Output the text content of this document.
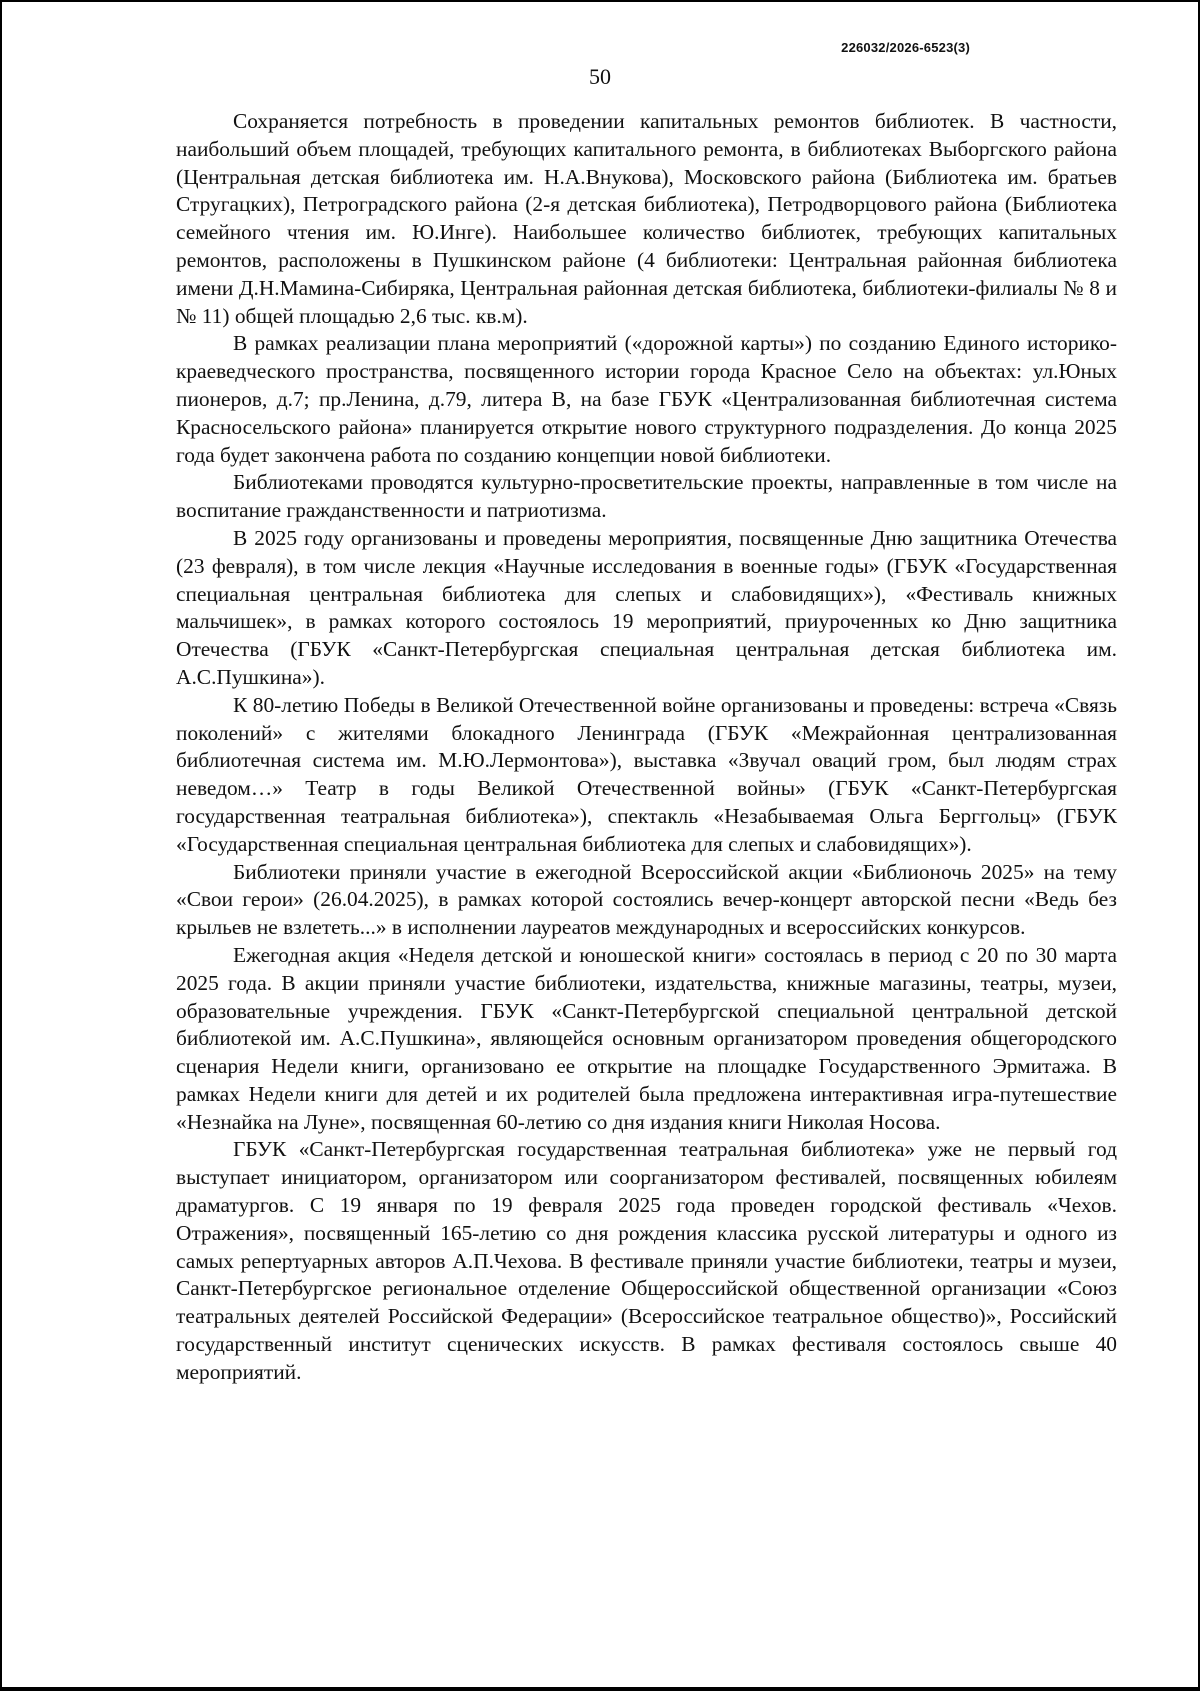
226032/2026-6523(3)
50

Сохраняется потребность в проведении капитальных ремонтов библиотек. В частности, наибольший объем площадей, требующих капитального ремонта, в библиотеках Выборгского района (Центральная детская библиотека им. Н.А.Внукова), Московского района (Библиотека им. братьев Стругацких), Петроградского района (2-я детская библиотека), Петродворцового района (Библиотека семейного чтения им. Ю.Инге). Наибольшее количество библиотек, требующих капитальных ремонтов, расположены в Пушкинском районе (4 библиотеки: Центральная районная библиотека имени Д.Н.Мамина-Сибиряка, Центральная районная детская библиотека, библиотеки-филиалы № 8 и № 11) общей площадью 2,6 тыс. кв.м).

В рамках реализации плана мероприятий («дорожной карты») по созданию Единого историко-краеведческого пространства, посвященного истории города Красное Село на объектах: ул.Юных пионеров, д.7; пр.Ленина, д.79, литера В, на базе ГБУК «Централизованная библиотечная система Красносельского района» планируется открытие нового структурного подразделения. До конца 2025 года будет закончена работа по созданию концепции новой библиотеки.

Библиотеками проводятся культурно-просветительские проекты, направленные в том числе на воспитание гражданственности и патриотизма.

В 2025 году организованы и проведены мероприятия, посвященные Дню защитника Отечества (23 февраля), в том числе лекция «Научные исследования в военные годы» (ГБУК «Государственная специальная центральная библиотека для слепых и слабовидящих»), «Фестиваль книжных мальчишек», в рамках которого состоялось 19 мероприятий, приуроченных ко Дню защитника Отечества (ГБУК «Санкт-Петербургская специальная центральная детская библиотека им. А.С.Пушкина»).

К 80-летию Победы в Великой Отечественной войне организованы и проведены: встреча «Связь поколений» с жителями блокадного Ленинграда (ГБУК «Межрайонная централизованная библиотечная система им. М.Ю.Лермонтова»), выставка «Звучал оваций гром, был людям страх неведом…» Театр в годы Великой Отечественной войны» (ГБУК «Санкт-Петербургская государственная театральная библиотека»), спектакль «Незабываемая Ольга Берггольц» (ГБУК «Государственная специальная центральная библиотека для слепых и слабовидящих»).

Библиотеки приняли участие в ежегодной Всероссийской акции «Библионочь 2025» на тему «Свои герои» (26.04.2025), в рамках которой состоялись вечер-концерт авторской песни «Ведь без крыльев не взлететь...» в исполнении лауреатов международных и всероссийских конкурсов.

Ежегодная акция «Неделя детской и юношеской книги» состоялась в период с 20 по 30 марта 2025 года. В акции приняли участие библиотеки, издательства, книжные магазины, театры, музеи, образовательные учреждения. ГБУК «Санкт-Петербургской специальной центральной детской библиотекой им. А.С.Пушкина», являющейся основным организатором проведения общегородского сценария Недели книги, организовано ее открытие на площадке Государственного Эрмитажа. В рамках Недели книги для детей и их родителей была предложена интерактивная игра-путешествие «Незнайка на Луне», посвященная 60-летию со дня издания книги Николая Носова.

ГБУК «Санкт-Петербургская государственная театральная библиотека» уже не первый год выступает инициатором, организатором или соорганизатором фестивалей, посвященных юбилеям драматургов. С 19 января по 19 февраля 2025 года проведен городской фестиваль «Чехов. Отражения», посвященный 165-летию со дня рождения классика русской литературы и одного из самых репертуарных авторов А.П.Чехова. В фестивале приняли участие библиотеки, театры и музеи, Санкт-Петербургское региональное отделение Общероссийской общественной организации «Союз театральных деятелей Российской Федерации» (Всероссийское театральное общество)», Российский государственный институт сценических искусств. В рамках фестиваля состоялось свыше 40 мероприятий.
